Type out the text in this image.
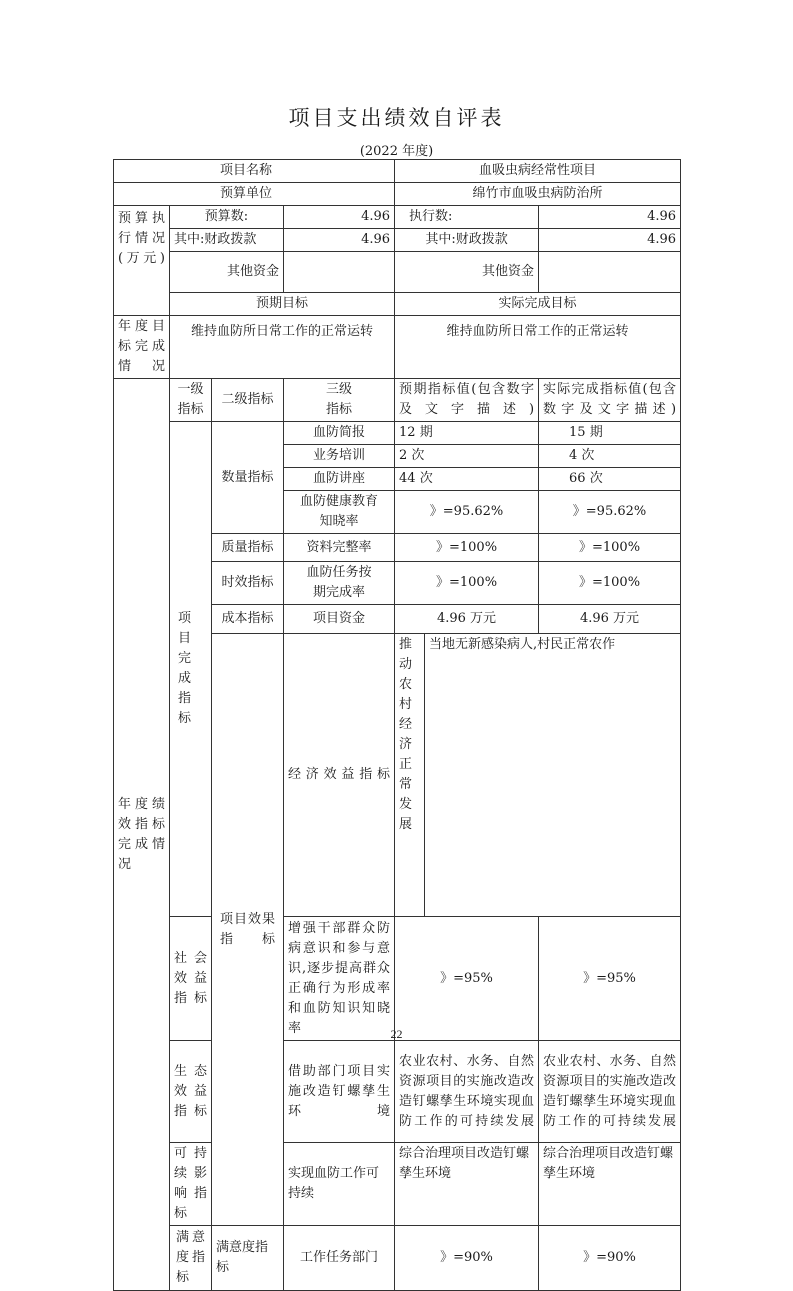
项目支出绩效自评表
(2022 年度)
项目名称				血吸虫病经常性项目			
预算单位				绵竹市血吸虫病防治所			
预算执行情况(万元)	预算数:		4.96	执行数:		4.96	
	其中:财政拨款		4.96	其中:财政拨款		4.96	
	其他资金			其他资金			
	预期目标			实际完成目标			
年度目标完成情况	维持血防所日常工作的正常运转			维持血防所日常工作的正常运转			
年度绩效指标完成情况	一级指标	二级指标	三级指标	预期指标值(包含数字及文字描述)		实际完成指标值(包含数字及文字描述)	
	项目完成指标	数量指标	血防简报	12 期		15 期	
			业务培训	2 次		4 次	
			血防讲座	44 次		66 次	
			血防健康教育知晓率	》=95.62%		》=95.62%	
		质量指标	资料完整率	》=100%		》=100%	
		时效指标	血防任务按期完成率	》=100%		》=100%	
		成本指标	项目资金	4.96 万元		4.96 万元	
		项目效果指标	经济效益指标	推动农村经济正常发展	当地无新感染病人,村民正常农作	
	社会效益指标		增强干部群众防病意识和参与意识,逐步提高群众正确行为形成率和血防知识知晓率	》=95%		》=95%	
	生态效益指标		借助部门项目实施改造钉螺孳生环境	农业农村、水务、自然资源项目的实施改造改造钉螺孳生环境实现血防工作的可持续发展		农业农村、水务、自然资源项目的实施改造改造钉螺孳生环境实现血防工作的可持续发展	
	可持续影响指标		实现血防工作可持续	综合治理项目改造钉螺孳生环境		综合治理项目改造钉螺孳生环境	
	满意度指标	满意度指标	工作任务部门	》=90%		》=90%	
22
